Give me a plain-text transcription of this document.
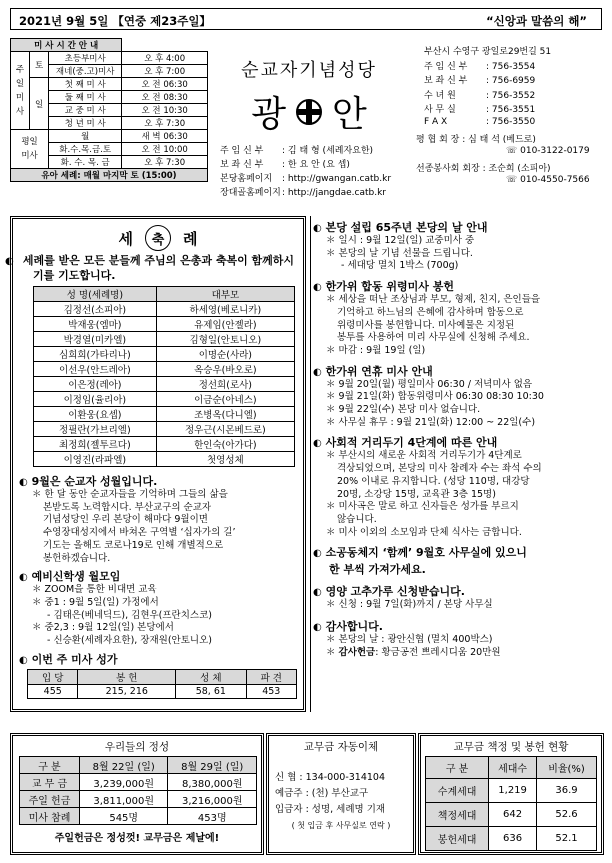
2021년 9월 5일 【연중 제23주일】	“신앙과 말씀의 해”
미 사 시 간 안 내			
주
일
미
사	토	초등부미사	오 후 4:00
		재네(중.고)미사	오 후 7:00
	일	첫 째 미 사	오 전 06:30
		둘 째 미 사	오 전 08:30
		교 중 미 사	오 전 10:30
		청 년 미 사	오 후 7:30
평일
미사		월	새 벽 06:30
		화.수.목.금.토	오 전 10:00
		화. 수. 목. 금	오 후 7:30
유아 세례: 매월 마지막 토 (15:00)			
순교자기념성당
광 안
주 임 신 부 : 김 태 형 (세례자요한)
보 좌 신 부 : 한 요 안 (요 셉)
본당홈페이지 : http://gwangan.catb.kr
장대골홈페이지: http://jangdae.catb.kr
부산시 수영구 광일로29번길 51
주 임 신 부 : 756-3554
보 좌 신 부 : 756-6959
수 녀 원	: 756-3552
사 무 실	: 756-3551
F A X	: 756-3550
평 협 회 장 : 심 태 석 (베드로)
☏ 010-3122-0179
선종봉사회 회장 : 조순희 (소피아)
☏ 010-4550-7566
세 축 례
◐ 세례를 받은 모든 분들께 주님의 은총과 축복이 함께하시기를 기도합니다.
성 명(세례명)	대부모
김정선(소피아)	하세영(베로니카)
박재웅(엠마)	유제임(안젤라)
박경열(미카엘)	김형일(안토니오)
심희희(가타리나)	이명순(사라)
이선우(안드레아)	옥승우(바오로)
이은정(레아)	정선희(로사)
이정임(율리아)	이금순(아네스)
이환웅(요셉)	조병옥(다니엘)
정필란(가브리엘)	정우근(시몬베드로)
최정희(젤투르다)	한인숙(아가다)
이영진(라파엘)	첫영성체
◐ 9월은 순교자 성월입니다.
＊ 한 달 동안 순교자들을 기억하며 그들의 삶을
본받도록 노력합시다. 부산교구의 순교자
기념성당인 우리 본당이 해마다 9월이면
수영장대성지에서 바쳐온 구역별 ‘십자가의 길’
기도는 올해도 코로나19로 인해 개별적으로
봉헌하겠습니다.
◐ 예비신학생 월모임
＊ ZOOM을 통한 비대면 교육
＊ 중1 : 9월 5일(일) 가정에서
- 김태은(베네딕드), 김현우(프란치스코)
＊ 중2,3 : 9월 12일(일) 본당에서
- 신승환(세례자요한), 장재원(안토니오)
◐ 이번 주 미사 성가
입 당	봉 헌	성 체	파 견
455	215, 216	58, 61	453
◐ 본당 설립 65주년 본당의 날 안내
＊ 일시 : 9월 12일(일) 교중미사 중
＊ 본당의 날 기념 선물을 드립니다.
- 세대당 멸치 1박스 (700g)
◐ 한가위 합동 위령미사 봉헌
＊ 세상을 떠난 조상님과 부모, 형제, 친지, 은인들을
기억하고 하느님의 은혜에 감사하며 합동으로
위령미사를 봉헌합니다. 미사예물은 지정된
봉투를 사용하여 미리 사무실에 신청해 주세요.
＊ 마감 : 9월 19일 (일)
◐ 한가위 연휴 미사 안내
＊ 9월 20일(월) 평일미사 06:30 / 저녁미사 없음
＊ 9월 21일(화) 합동위령미사 06:30 08:30 10:30
＊ 9월 22일(수) 본당 미사 없습니다.
＊ 사무실 휴무 : 9월 21일(화) 12:00 ~ 22일(수)
◐ 사회적 거리두기 4단계에 따른 안내
＊ 부산시의 새로운 사회적 거리두기가 4단계로
격상되었으며, 본당의 미사 참례자 수는 좌석 수의
20% 이내로 유지합니다. (성당 110명, 대강당
20명, 소강당 15명, 교육관 3층 15명)
＊ 미사곡은 말로 하고 신자들은 성가를 부르지
않습니다.
＊ 미사 이외의 소모임과 단체 식사는 금합니다.
◐ 소공동체지 ‘함께’ 9월호 사무실에 있으니
한 부씩 가져가세요.
◐ 영양 고추가루 신청받습니다.
＊ 신청 : 9월 7일(화)까지 / 본당 사무실
◐ 감사합니다.
＊ 본당의 날 : 광안신협 (멸치 400박스)
＊ 감사헌금: 황금공전 쁘레시디움 20만원
우리들의 정성
구 분	8월 22일 (일)	8월 29일 (일)
교 무 금	3,239,000원	8,380,000원
주일 헌금	3,811,000원	3,216,000원
미사 참례	545명	453명
주일헌금은 정성껏! 교무금은 제날에!
교무금 자동이체
신 협 : 134-000-314104
예금주 : (천) 부산교구
입금자 : 성명, 세례명 기재
( 첫 입금 후 사무실로 연락 )
교무금 책정 및 봉헌 현황
구 분	세대수	비율(%)
수계세대	1,219	36.9
책정세대	642	52.6
봉헌세대	636	52.1
